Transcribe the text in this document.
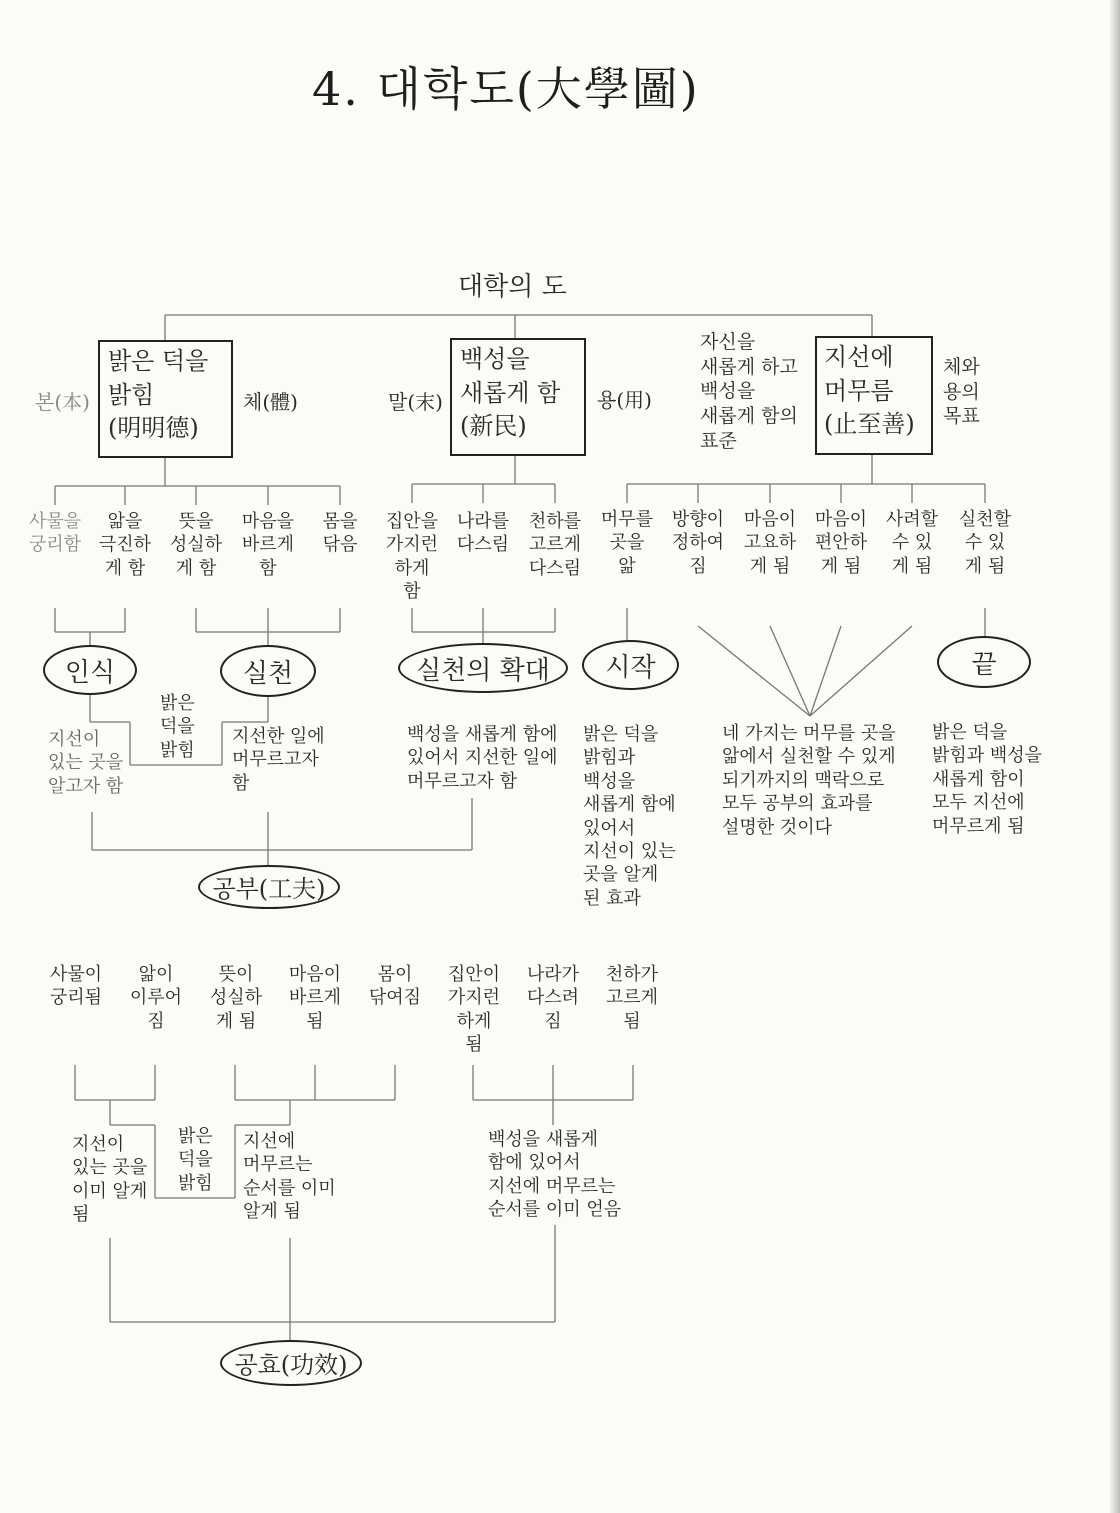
4. 대학도(大學圖)
대학의 도
본(本)
밝은 덕을
밝힘
(明明德)
체(體)	말(末)
백성을
새롭게 함
(新民)
용(用)
자신을
새롭게 하고
백성을
새롭게 함의
표준
지선에
머무름
(止至善)
체와
용의
목표
사물을
궁리함
앎을
극진하
게 함
뜻을
성실하
게 함
마음을
바르게
함
몸을
닦음
집안을
가지런
하게
함
나라를
다스림
천하를
고르게
다스림
머무를
곳을
앎
방향이
정하여
짐
마음이
고요하
게 됨
마음이
편안하
게 됨
사려할
수 있
게 됨
실천할
수 있
게 됨
인식	실천	실천의 확대	시작	끝
밝은
덕을
밝힘
지선이
있는 곳을
알고자 함
지선한 일에
머무르고자
함
백성을 새롭게 함에
있어서 지선한 일에
머무르고자 함
밝은 덕을
밝힘과
백성을
새롭게 함에
있어서
지선이 있는
곳을 알게
된 효과
네 가지는 머무를 곳을
앎에서 실천할 수 있게
되기까지의 맥락으로
모두 공부의 효과를
설명한 것이다
밝은 덕을
밝힘과 백성을
새롭게 함이
모두 지선에
머무르게 됨
공부(工夫)
사물이
궁리됨
앎이
이루어
짐
뜻이
성실하
게 됨
마음이
바르게
됨
몸이
닦여짐
집안이
가지런
하게
됨
나라가
다스려
짐
천하가
고르게
됨
지선이
있는 곳을
이미 알게
됨
밝은
덕을
밝힘
지선에
머무르는
순서를 이미
알게 됨
백성을 새롭게
함에 있어서
지선에 머무르는
순서를 이미 얻음
공효(功效)
